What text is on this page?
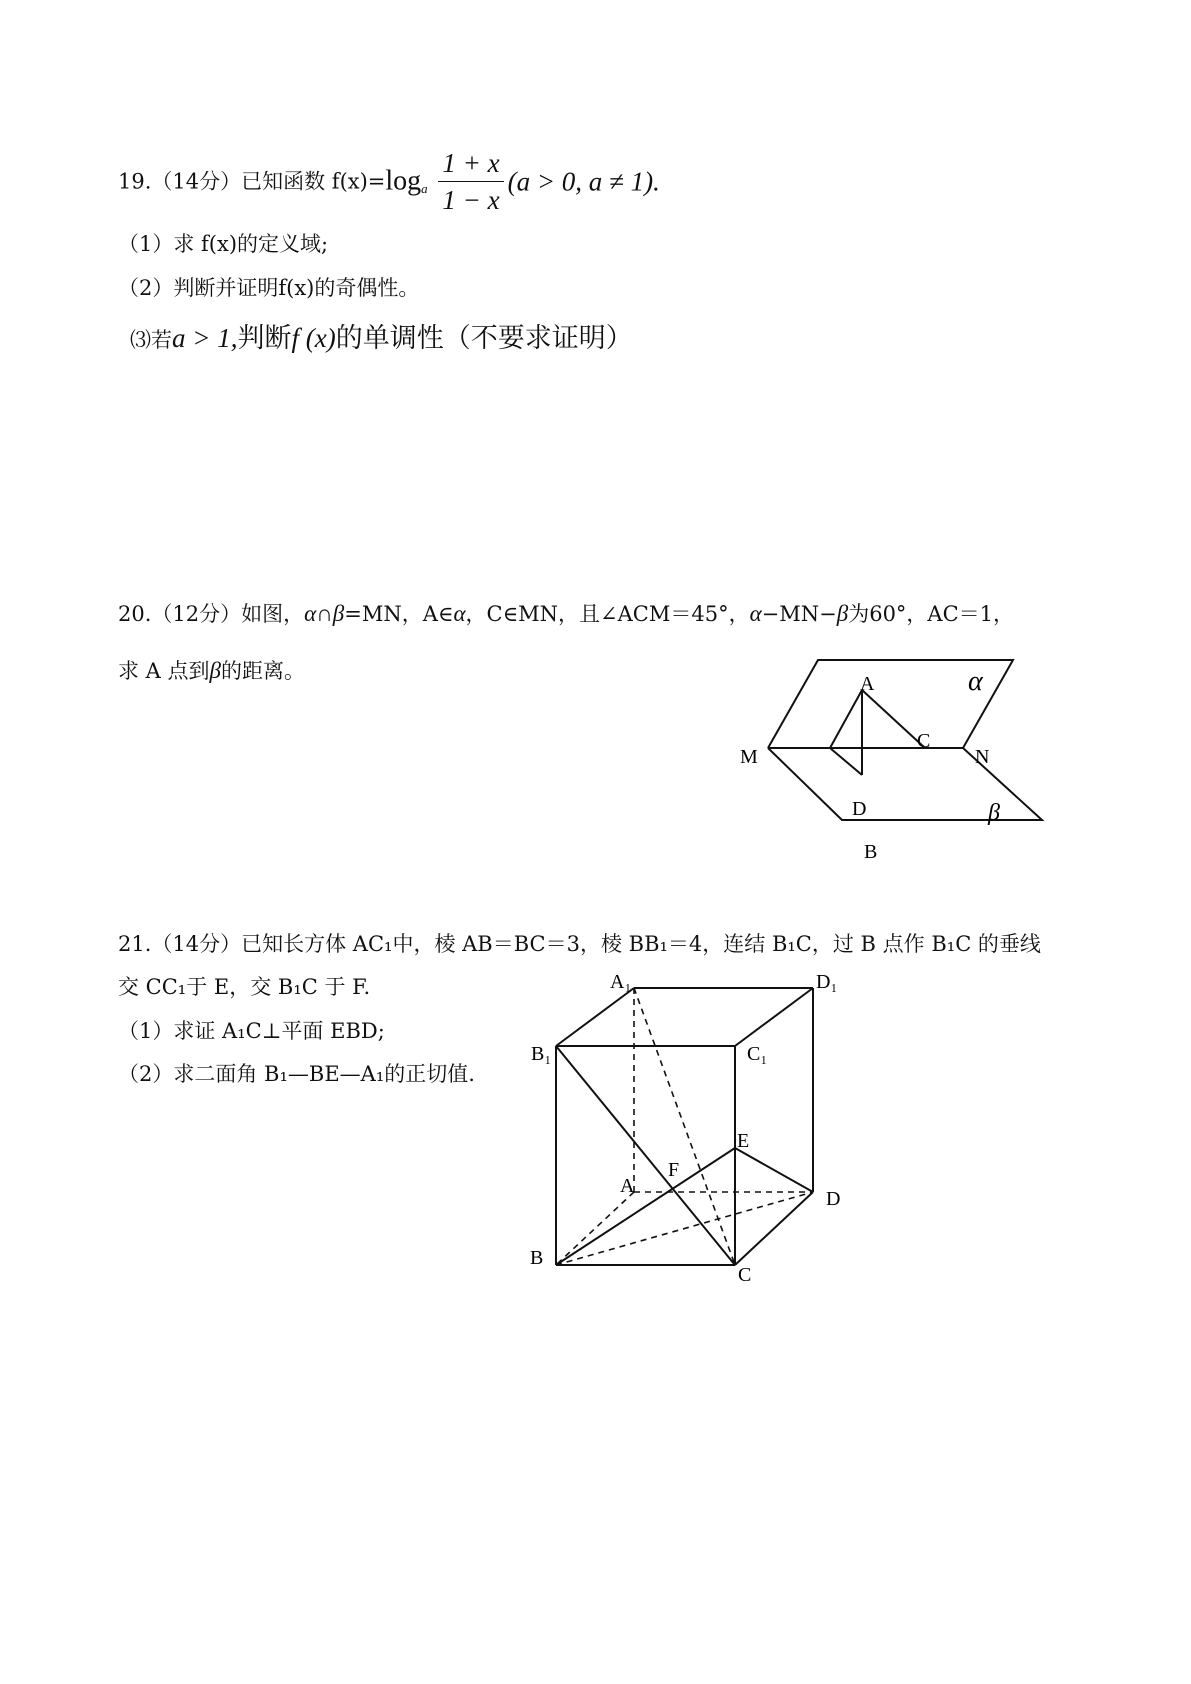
19.（14分）已知函数 $f(x)=\log_a \frac{1 + x}{1 - x} (a > 0$, a ≠ 1).
（1）求 f(x)的定义域;
（2）判断并证明f(x)的奇偶性。
⑶若a > 1,判断f (x)的单调性（不要求证明）
20.（12分）如图，α∩β=MN，A∈α，C∈MN，且∠ACM＝45°，α−MN−β为60°，AC＝1，
求 A 点到β的距离。
A
C
M	N
D
B
α
β
A₁	D₁
B₁	C₁
E
F
A
D
B
C
21.（14分）已知长方体 AC₁中，棱 AB＝BC＝3，棱 BB₁＝4，连结 B₁C，过 B 点作 B₁C 的垂线
交 CC₁于 E，交 B₁C 于 F.
（1）求证 A₁C⊥平面 EBD;
（2）求二面角 B₁—BE—A₁的正切值.
